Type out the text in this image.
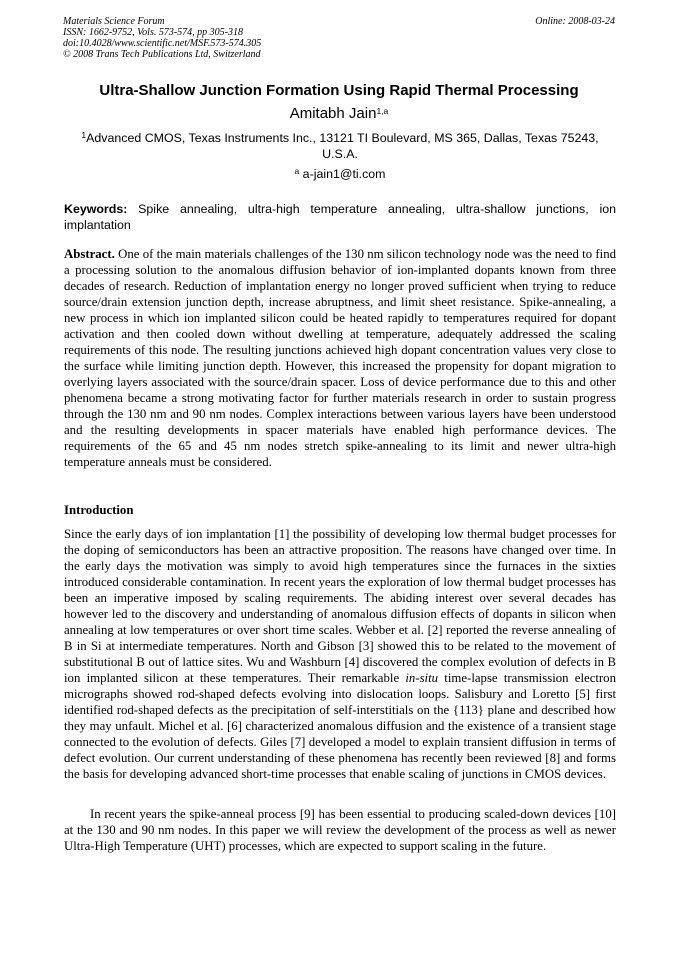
Materials Science Forum
ISSN: 1662-9752, Vols. 573-574, pp 305-318
doi:10.4028/www.scientific.net/MSF.573-574.305
© 2008 Trans Tech Publications Ltd, Switzerland
Online: 2008-03-24
Ultra-Shallow Junction Formation Using Rapid Thermal Processing
Amitabh Jain$^{1,a}$
$^1$Advanced CMOS, Texas Instruments Inc., 13121 TI Boulevard, MS 365, Dallas, Texas 75243, U.S.A.
$^a$ a-jain1@ti.com
Keywords: Spike annealing, ultra-high temperature annealing, ultra-shallow junctions, ion implantation
Abstract. One of the main materials challenges of the 130 nm silicon technology node was the need to find a processing solution to the anomalous diffusion behavior of ion-implanted dopants known from three decades of research. Reduction of implantation energy no longer proved sufficient when trying to reduce source/drain extension junction depth, increase abruptness, and limit sheet resistance. Spike-annealing, a new process in which ion implanted silicon could be heated rapidly to temperatures required for dopant activation and then cooled down without dwelling at temperature, adequately addressed the scaling requirements of this node. The resulting junctions achieved high dopant concentration values very close to the surface while limiting junction depth. However, this increased the propensity for dopant migration to overlying layers associated with the source/drain spacer. Loss of device performance due to this and other phenomena became a strong motivating factor for further materials research in order to sustain progress through the 130 nm and 90 nm nodes. Complex interactions between various layers have been understood and the resulting developments in spacer materials have enabled high performance devices. The requirements of the 65 and 45 nm nodes stretch spike-annealing to its limit and newer ultra-high temperature anneals must be considered.
Introduction
Since the early days of ion implantation [1] the possibility of developing low thermal budget processes for the doping of semiconductors has been an attractive proposition. The reasons have changed over time. In the early days the motivation was simply to avoid high temperatures since the furnaces in the sixties introduced considerable contamination. In recent years the exploration of low thermal budget processes has been an imperative imposed by scaling requirements. The abiding interest over several decades has however led to the discovery and understanding of anomalous diffusion effects of dopants in silicon when annealing at low temperatures or over short time scales. Webber et al. [2] reported the reverse annealing of B in Si at intermediate temperatures. North and Gibson [3] showed this to be related to the movement of substitutional B out of lattice sites. Wu and Washburn [4] discovered the complex evolution of defects in B ion implanted silicon at these temperatures. Their remarkable in-situ time-lapse transmission electron micrographs showed rod-shaped defects evolving into dislocation loops. Salisbury and Loretto [5] first identified rod-shaped defects as the precipitation of self-interstitials on the {113} plane and described how they may unfault. Michel et al. [6] characterized anomalous diffusion and the existence of a transient stage connected to the evolution of defects. Giles [7] developed a model to explain transient diffusion in terms of defect evolution. Our current understanding of these phenomena has recently been reviewed [8] and forms the basis for developing advanced short-time processes that enable scaling of junctions in CMOS devices.
In recent years the spike-anneal process [9] has been essential to producing scaled-down devices [10] at the 130 and 90 nm nodes. In this paper we will review the development of the process as well as newer Ultra-High Temperature (UHT) processes, which are expected to support scaling in the future.
